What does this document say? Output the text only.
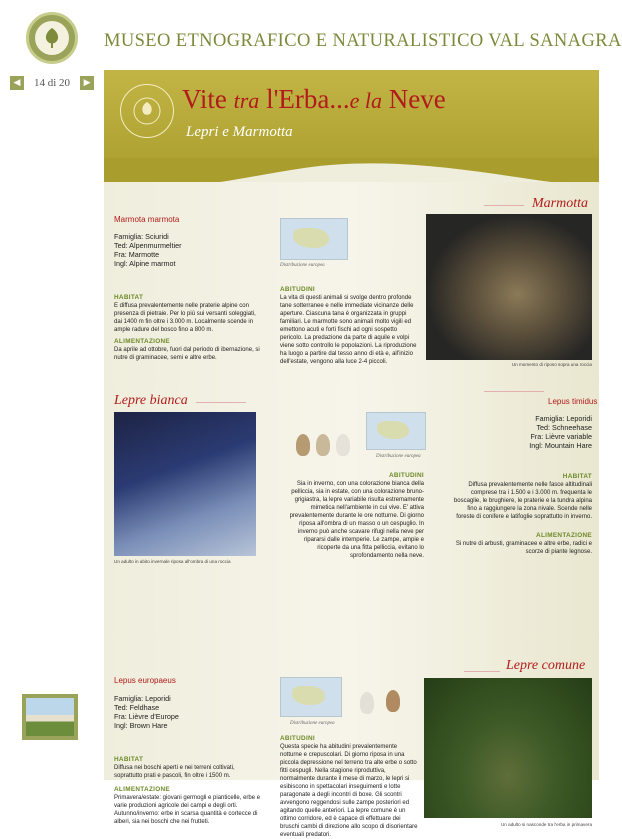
MUSEO ETNOGRAFICO E NATURALISTICO VAL SANAGRA
◀	14 di 20	▶
Vite tra l'Erba...e la Neve
Lepri e Marmotta
Marmotta
Marmota marmota
Famiglia: Sciuridi
Ted: Alpenmurmeltier
Fra: Marmotte
Ingl: Alpine marmot
HABITAT
E diffusa prevalentemente nelle praterie alpine con presenza di pietraie. Per lo più sui versanti soleggiati, dai 1400 m fin oltre i 3.000 m. Localmente scende in ample radure del bosco fino a 800 m.
ALIMENTAZIONE
Da aprile ad ottobre, fuori dal periodo di ibernazione, si nutre di graminacee, semi e altre erbe.
Distribuzione europea
ABITUDINI
La vita di questi animali si svolge dentro profonde tane sotterranee e nelle immediate vicinanze delle aperture. Ciascuna tana è organizzata in gruppi familiari. Le marmotte sono animali molto vigili ed emettono acuti e forti fischi ad ogni sospetto pericolo. La predazione da parte di aquile e volpi viene sotto controllo le popolazioni. La riproduzione ha luogo a partire dal tesso anno di età e, all'inizio dell'estate, vengono alla luce 2-4 piccoli.	Un momento di riposo sopra una roccia
Lepre bianca
Un adulto in abito invernale riposa all'ombra di una roccia
Distribuzione europea
ABITUDINI
Sia in inverno, con una colorazione bianca della pelliccia, sia in estate, con una colorazione bruno-grigiastra, la lepre variabile risulta estremamente mimetica nell'ambiente in cui vive. E' attiva prevalentemente durante le ore notturne. Di giorno riposa all'ombra di un masso o un cespuglio. In inverno può anche scavare rifugi nella neve per ripararsi dalle intemperie. Le zampe, ampie e ricoperte da una fitta pelliccia, evitano lo sprofondamento nella neve.
Lepus timidus
Famiglia: Leporidi
Ted: Schneehase
Fra: Lièvre variable
Ingl: Mountain Hare
HABITAT
Diffusa prevalentemente nelle fasce altitudinali comprese tra i 1.500 e i 3.000 m. frequenta le boscaglie, le brughiere, le praterie e la tundra alpina fino a raggiungere la zona nivale. Scende nelle foreste di conifere e latifoglie soprattutto in inverno.
ALIMENTAZIONE
Si nutre di arbusti, graminacee e altre erbe, radici e scorze di piante legnose.
Lepre comune
Lepus europaeus
Famiglia: Leporidi
Ted: Feldhase
Fra: Lièvre d'Europe
Ingl: Brown Hare
HABITAT
Diffusa nei boschi aperti e nei terreni coltivati, soprattutto prati e pascoli, fin oltre i 1500 m.
ALIMENTAZIONE
Primavera/estate: giovani germogli e pianticelle, erbe e varie produzioni agricole dei campi e degli orti.
Autunno/inverno: erbe in scarsa quantità e cortecce di alberi, sia nei boschi che nei frutteti.
Distribuzione europea
ABITUDINI
Questa specie ha abitudini prevalentemente notturne e crepuscolari. Di giorno riposa in una piccola depressione nel terreno tra alte erbe o sotto fitti cespugli. Nella stagione riproduttiva, normalmente durante il mese di marzo, le lepri si esibiscono in spettacolari inseguimenti e lotte paragonate a degli incontri di boxe. Gli scontri avvengono reggendosi sulle zampe posteriori ed agitando quelle anteriori. La lepre comune è un ottimo corridore, ed è capace di effettuare dei bruschi cambi di direzione allo scopo di disorientare eventuali predatori.
Un adulto si nasconde tra l'erba in primavera
